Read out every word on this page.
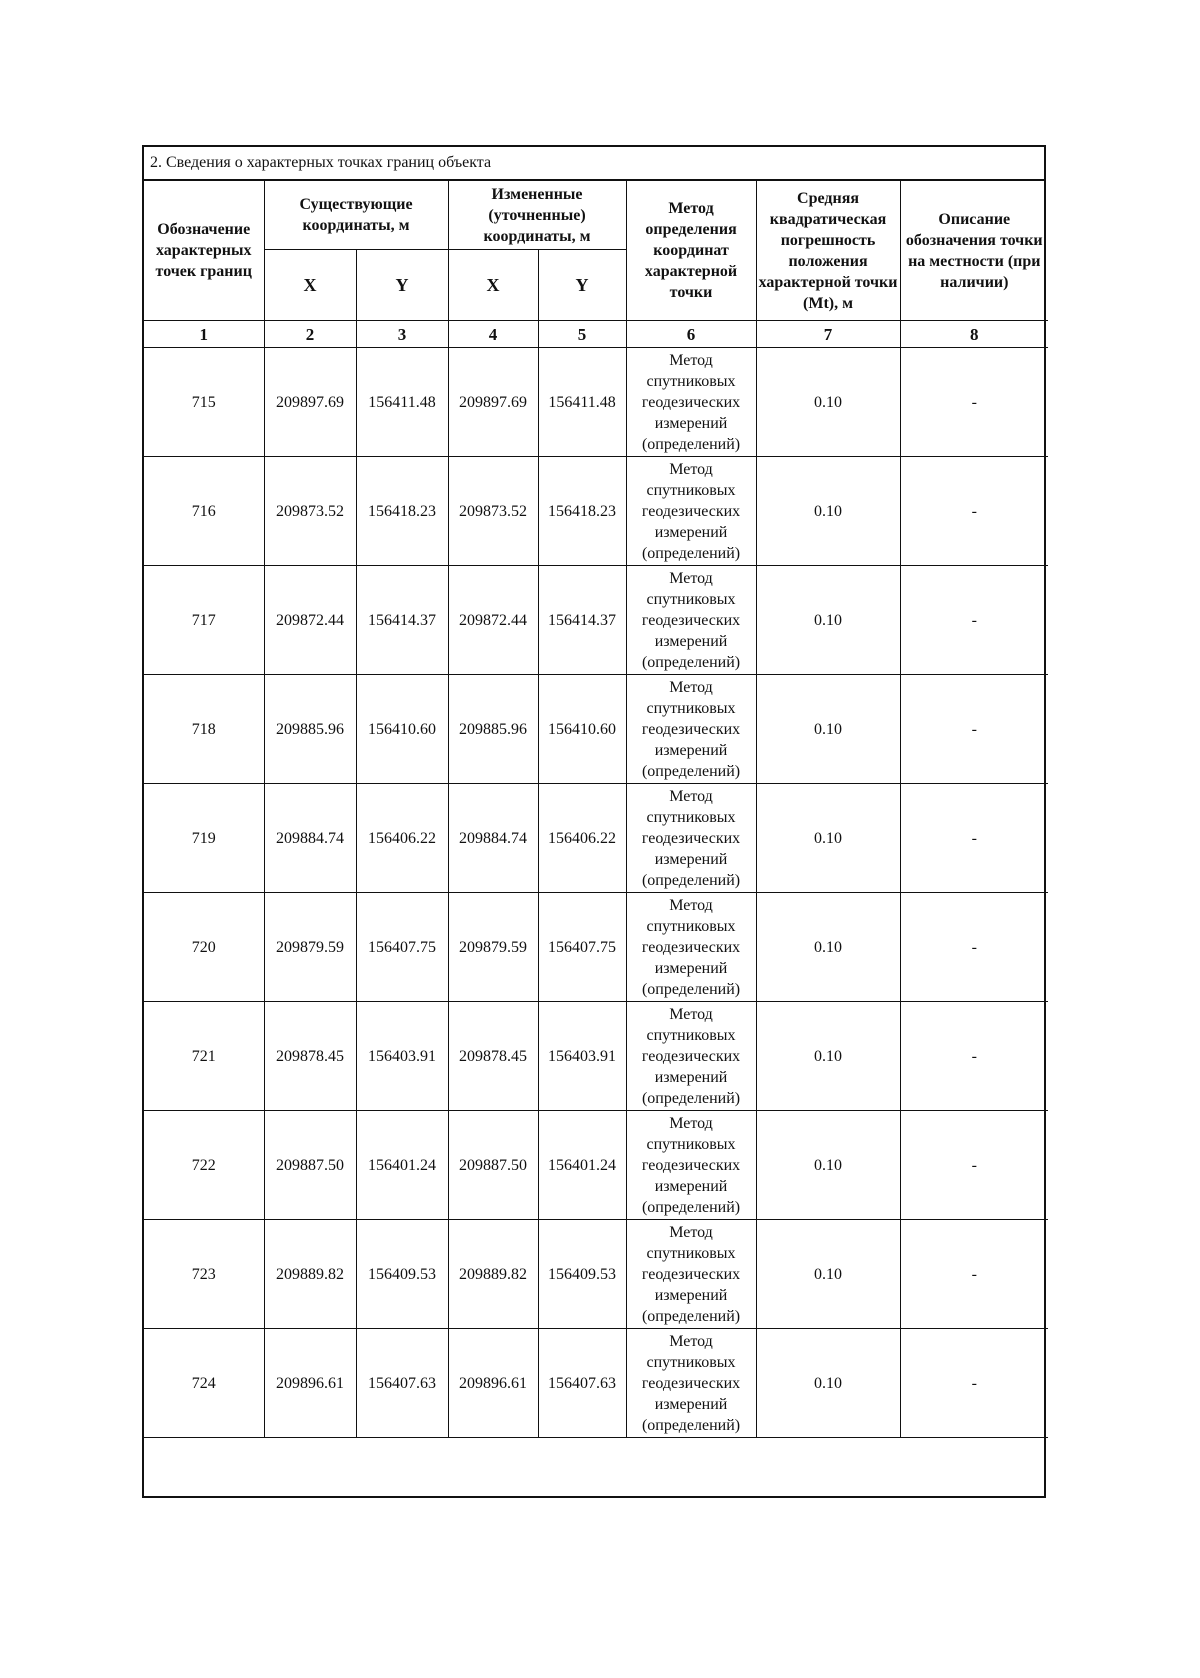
2. Сведения о характерных точках границ объекта
Обозначение характерных точек границ	Существующие координаты, м		Измененные (уточненные) координаты, м		Метод определения координат характерной точки	Средняя квадратическая погрешность положения характерной точки (Mt), м	Описание обозначения точки на местности (при наличии)
	X	Y	X	Y			
1	2	3	4	5	6	7	8
715	209897.69	156411.48	209897.69	156411.48	Метод спутниковых геодезических измерений (определений)	0.10	-
716	209873.52	156418.23	209873.52	156418.23	Метод спутниковых геодезических измерений (определений)	0.10	-
717	209872.44	156414.37	209872.44	156414.37	Метод спутниковых геодезических измерений (определений)	0.10	-
718	209885.96	156410.60	209885.96	156410.60	Метод спутниковых геодезических измерений (определений)	0.10	-
719	209884.74	156406.22	209884.74	156406.22	Метод спутниковых геодезических измерений (определений)	0.10	-
720	209879.59	156407.75	209879.59	156407.75	Метод спутниковых геодезических измерений (определений)	0.10	-
721	209878.45	156403.91	209878.45	156403.91	Метод спутниковых геодезических измерений (определений)	0.10	-
722	209887.50	156401.24	209887.50	156401.24	Метод спутниковых геодезических измерений (определений)	0.10	-
723	209889.82	156409.53	209889.82	156409.53	Метод спутниковых геодезических измерений (определений)	0.10	-
724	209896.61	156407.63	209896.61	156407.63	Метод спутниковых геодезических измерений (определений)	0.10	-
